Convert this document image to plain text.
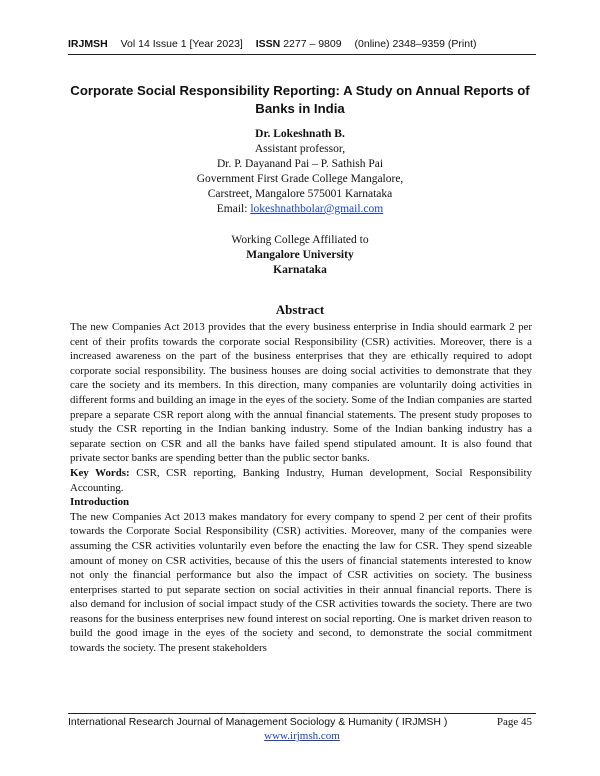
IRJMSH Vol 14 Issue 1 [Year 2023] ISSN 2277 – 9809 (0nline) 2348–9359 (Print)
Corporate Social Responsibility Reporting: A Study on Annual Reports of Banks in India
Dr. Lokeshnath B.
Assistant professor,
Dr. P. Dayanand Pai – P. Sathish Pai
Government First Grade College Mangalore,
Carstreet, Mangalore 575001 Karnataka
Email: lokeshnathbolar@gmail.com
Working College Affiliated to
Mangalore University
Karnataka
Abstract

The new Companies Act 2013 provides that the every business enterprise in India should earmark 2 per cent of their profits towards the corporate social Responsibility (CSR) activities. Moreover, there is a increased awareness on the part of the business enterprises that they are ethically required to adopt corporate social responsibility. The business houses are doing social activities to demonstrate that they care the society and its members. In this direction, many companies are voluntarily doing activities in different forms and building an image in the eyes of the society. Some of the Indian companies are started prepare a separate CSR report along with the annual financial statements. The present study proposes to study the CSR reporting in the Indian banking industry. Some of the Indian banking industry has a separate section on CSR and all the banks have failed spend stipulated amount. It is also found that private sector banks are spending better than the public sector banks.

Key Words: CSR, CSR reporting, Banking Industry, Human development, Social Responsibility Accounting.

Introduction

The new Companies Act 2013 makes mandatory for every company to spend 2 per cent of their profits towards the Corporate Social Responsibility (CSR) activities. Moreover, many of the companies were assuming the CSR activities voluntarily even before the enacting the law for CSR. They spend sizeable amount of money on CSR activities, because of this the users of financial statements interested to know not only the financial performance but also the impact of CSR activities on society. The business enterprises started to put separate section on social activities in their annual financial reports. There is also demand for inclusion of social impact study of the CSR activities towards the society. There are two reasons for the business enterprises new found interest on social reporting. One is market driven reason to build the good image in the eyes of the society and second, to demonstrate the social commitment towards the society. The present stakeholders

International Research Journal of Management Sociology & Humanity ( IRJMSH )	Page 45
www.irjmsh.com
